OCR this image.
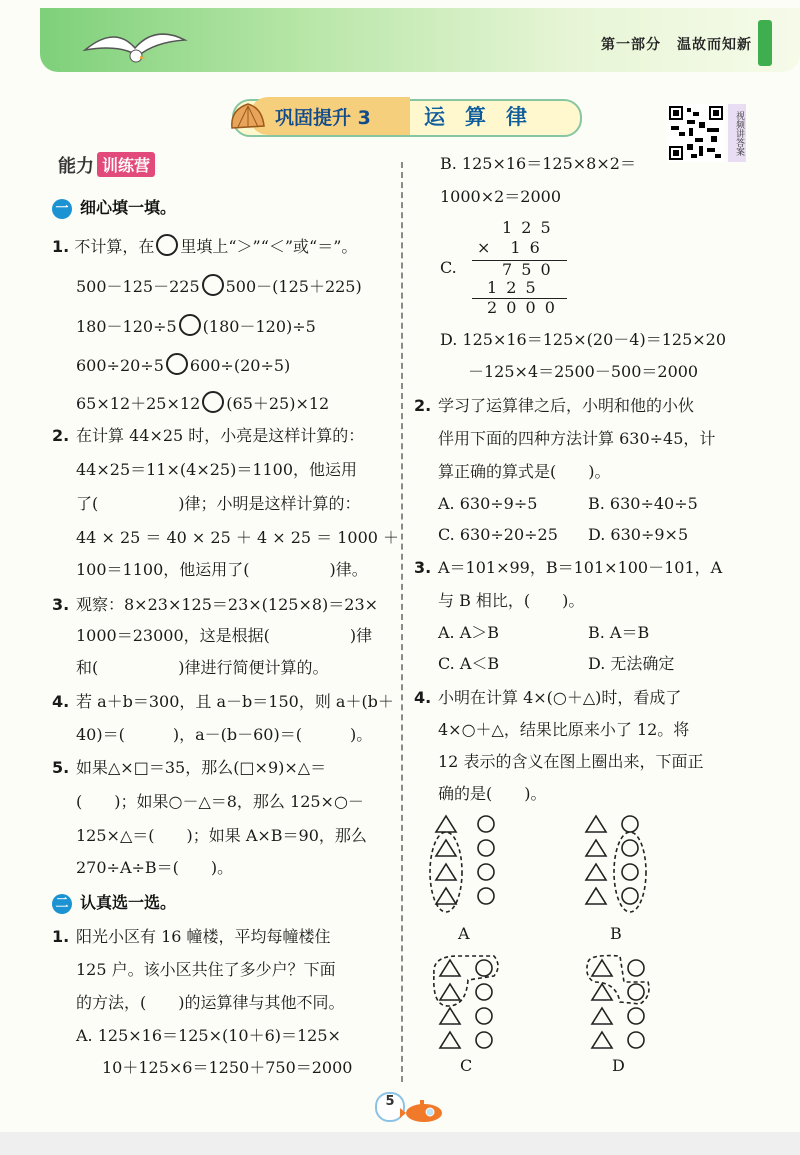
第一部分 温故而知新
巩固提升 3	运算律	视频讲答案
能力 训练营
一 细心填一填。
1. 不计算，在 里填上“＞”“＜”或“＝”。
500－125－225 500－(125＋225)
180－120÷5 (180－120)÷5
600÷20÷5 600÷(20÷5)
65×12＋25×12 (65＋25)×12
2. 在计算 44×25 时，小亮是这样计算的：
44×25＝11×(4×25)＝1100，他运用
了(　　　　　)律；小明是这样计算的：
44 × 25 ＝ 40 × 25 ＋ 4 × 25 ＝ 1000 ＋
100＝1100，他运用了(　　　　　)律。
3. 观察：8×23×125＝23×(125×8)＝23×
1000＝23000，这是根据(　　　　　)律
和(　　　　　)律进行简便计算的。
4. 若 a＋b＝300，且 a－b＝150，则 a＋(b＋
40)＝(　　　)，a－(b－60)＝(　　　)。
5. 如果△×□＝35，那么(□×9)×△＝
(　　)；如果○－△＝8，那么 125×○－
125×△＝(　　)；如果 A×B＝90，那么
270÷A÷B＝(　　)。
二 认真选一选。
1. 阳光小区有 16 幢楼，平均每幢楼住
125 户。该小区共住了多少户？下面
的方法，(　　)的运算律与其他不同。
A. 125×16＝125×(10＋6)＝125×
10＋125×6＝1250＋750＝2000
B. 125×16＝125×8×2＝
1000×2＝2000
C.
1 2 5
×　1 6
7 5 0
1 2 5
2 0 0 0
D. 125×16＝125×(20－4)＝125×20
－125×4＝2500－500＝2000
2. 学习了运算律之后，小明和他的小伙
伴用下面的四种方法计算 630÷45，计
算正确的算式是(　　)。
A. 630÷9÷5	B. 630÷40÷5
C. 630÷20÷25 D. 630÷9×5
3. A＝101×99，B＝101×100－101，A
与 B 相比，(　　)。
A. A＞B	B. A＝B
C. A＜B	D. 无法确定
4. 小明在计算 4×(○＋△)时，看成了
4×○＋△，结果比原来小了 12。将
12 表示的含义在图上圈出来，下面正
确的是(　　)。
A	B
C	D
5
